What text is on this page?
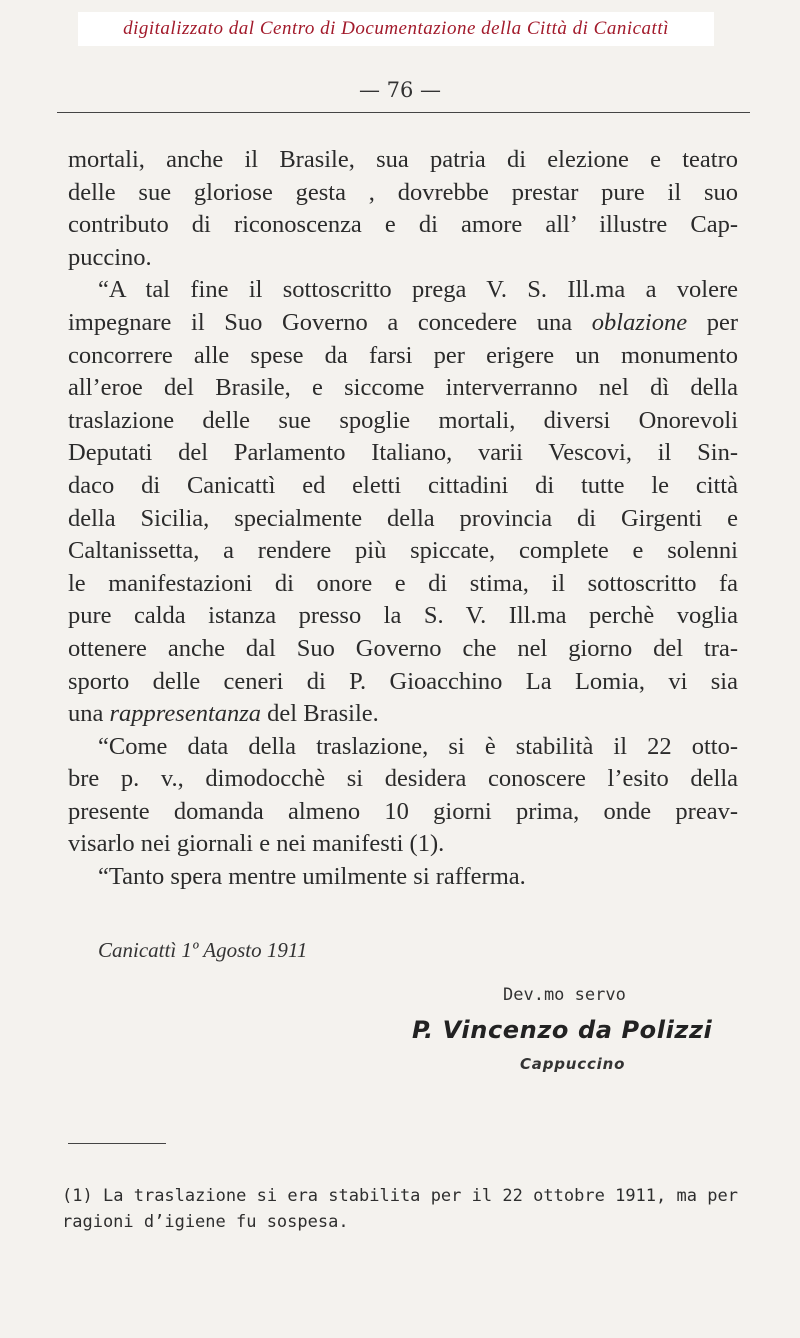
digitalizzato dal Centro di Documentazione della Città di Canicattì
— 76 —
mortali, anche il Brasile, sua patria di elezione e teatro
delle sue gloriose gesta , dovrebbe prestar pure il suo
contributo di riconoscenza e di amore all’ illustre Cap-
puccino.
“A tal fine il sottoscritto prega V. S. Ill.ma a volere
impegnare il Suo Governo a concedere una oblazione per
concorrere alle spese da farsi per erigere un monumento
all’eroe del Brasile, e siccome interverranno nel dì della
traslazione delle sue spoglie mortali, diversi Onorevoli
Deputati del Parlamento Italiano, varii Vescovi, il Sin-
daco di Canicattì ed eletti cittadini di tutte le città
della Sicilia, specialmente della provincia di Girgenti e
Caltanissetta, a rendere più spiccate, complete e solenni
le manifestazioni di onore e di stima, il sottoscritto fa
pure calda istanza presso la S. V. Ill.ma perchè voglia
ottenere anche dal Suo Governo che nel giorno del tra-
sporto delle ceneri di P. Gioacchino La Lomia, vi sia
una rappresentanza del Brasile.
“Come data della traslazione, si è stabilità il 22 otto-
bre p. v., dimodocchè si desidera conoscere l’esito della
presente domanda almeno 10 giorni prima, onde preav-
visarlo nei giornali e nei manifesti (1).
“Tanto spera mentre umilmente si rafferma.
Canicattì 1º Agosto 1911
Dev.mo servo
P. Vincenzo da Polizzi
Cappuccino
(1) La traslazione si era stabilita per il 22 ottobre 1911, ma per
ragioni d’igiene fu sospesa.
